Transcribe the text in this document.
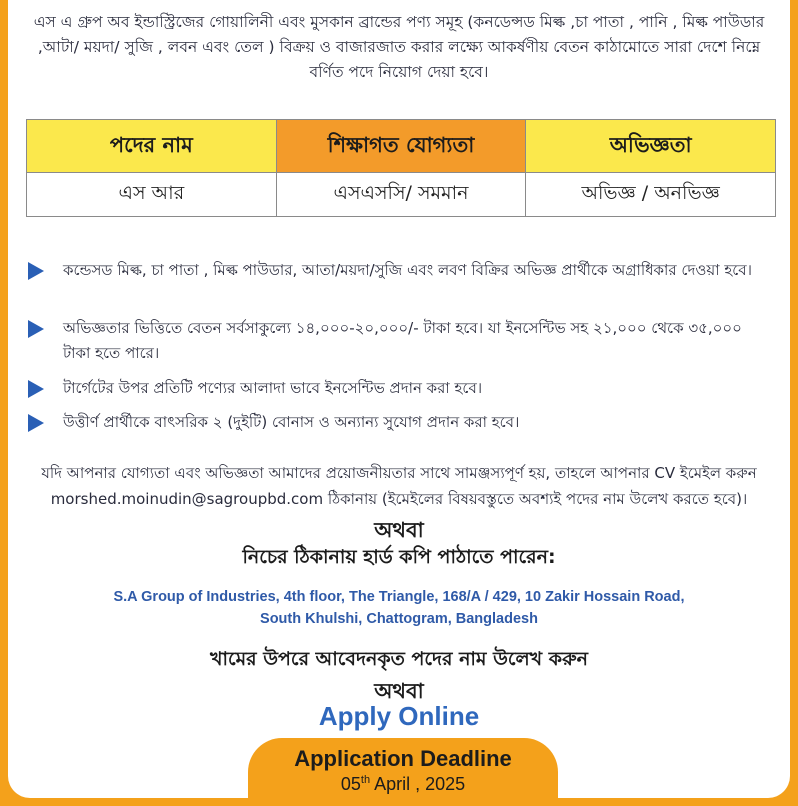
এস এ গ্রুপ অব ইন্ডাস্ট্রিজের গোয়ালিনী এবং মুসকান ব্রান্ডের পণ্য সমূহ (কনডেন্সড মিল্ক ,চা পাতা , পানি , মিল্ক পাউডার ,আটা/ ময়দা/ সুজি , লবন এবং তেল ) বিক্রয় ও বাজারজাত করার লক্ষ্যে আকর্ষণীয় বেতন কাঠামোতে সারা দেশে নিম্নে বর্ণিত পদে নিয়োগ দেয়া হবে।
পদের নাম	শিক্ষাগত যোগ্যতা	অভিজ্ঞতা
এস আর	এসএসসি/ সমমান	অভিজ্ঞ / অনভিজ্ঞ
কন্ডেসড মিল্ক, চা পাতা , মিল্ক পাউডার, আতা/ময়দা/সুজি এবং লবণ বিক্রির অভিজ্ঞ প্রার্থীকে অগ্রাধিকার দেওয়া হবে।
অভিজ্ঞতার ভিত্তিতে বেতন সর্বসাকুল্যে ১৪,০০০-২০,০০০/- টাকা হবে। যা ইনসেন্টিভ সহ ২১,০০০ থেকে ৩৫,০০০ টাকা হতে পারে।
টার্গেটের উপর প্রতিটি পণ্যের আলাদা ভাবে ইনসেন্টিভ প্রদান করা হবে।
উত্তীর্ণ প্রার্থীকে বাৎসরিক ২ (দুইটি) বোনাস ও অন্যান্য সুযোগ প্রদান করা হবে।
যদি আপনার যোগ্যতা এবং অভিজ্ঞতা আমাদের প্রয়োজনীয়তার সাথে সামঞ্জস্যপূর্ণ হয়, তাহলে আপনার CV ইমেইল করুন
morshed.moinudin@sagroupbd.com ঠিকানায় (ইমেইলের বিষয়বস্তুতে অবশ্যই পদের নাম উলেখ করতে হবে)।
অথবা
নিচের ঠিকানায় হার্ড কপি পাঠাতে পারেন:
S.A Group of Industries, 4th floor, The Triangle, 168/A / 429, 10 Zakir Hossain Road,
South Khulshi, Chattogram, Bangladesh
খামের উপরে আবেদনকৃত পদের নাম উলেখ করুন
অথবা
Apply Online
Application Deadline
05th April , 2025
